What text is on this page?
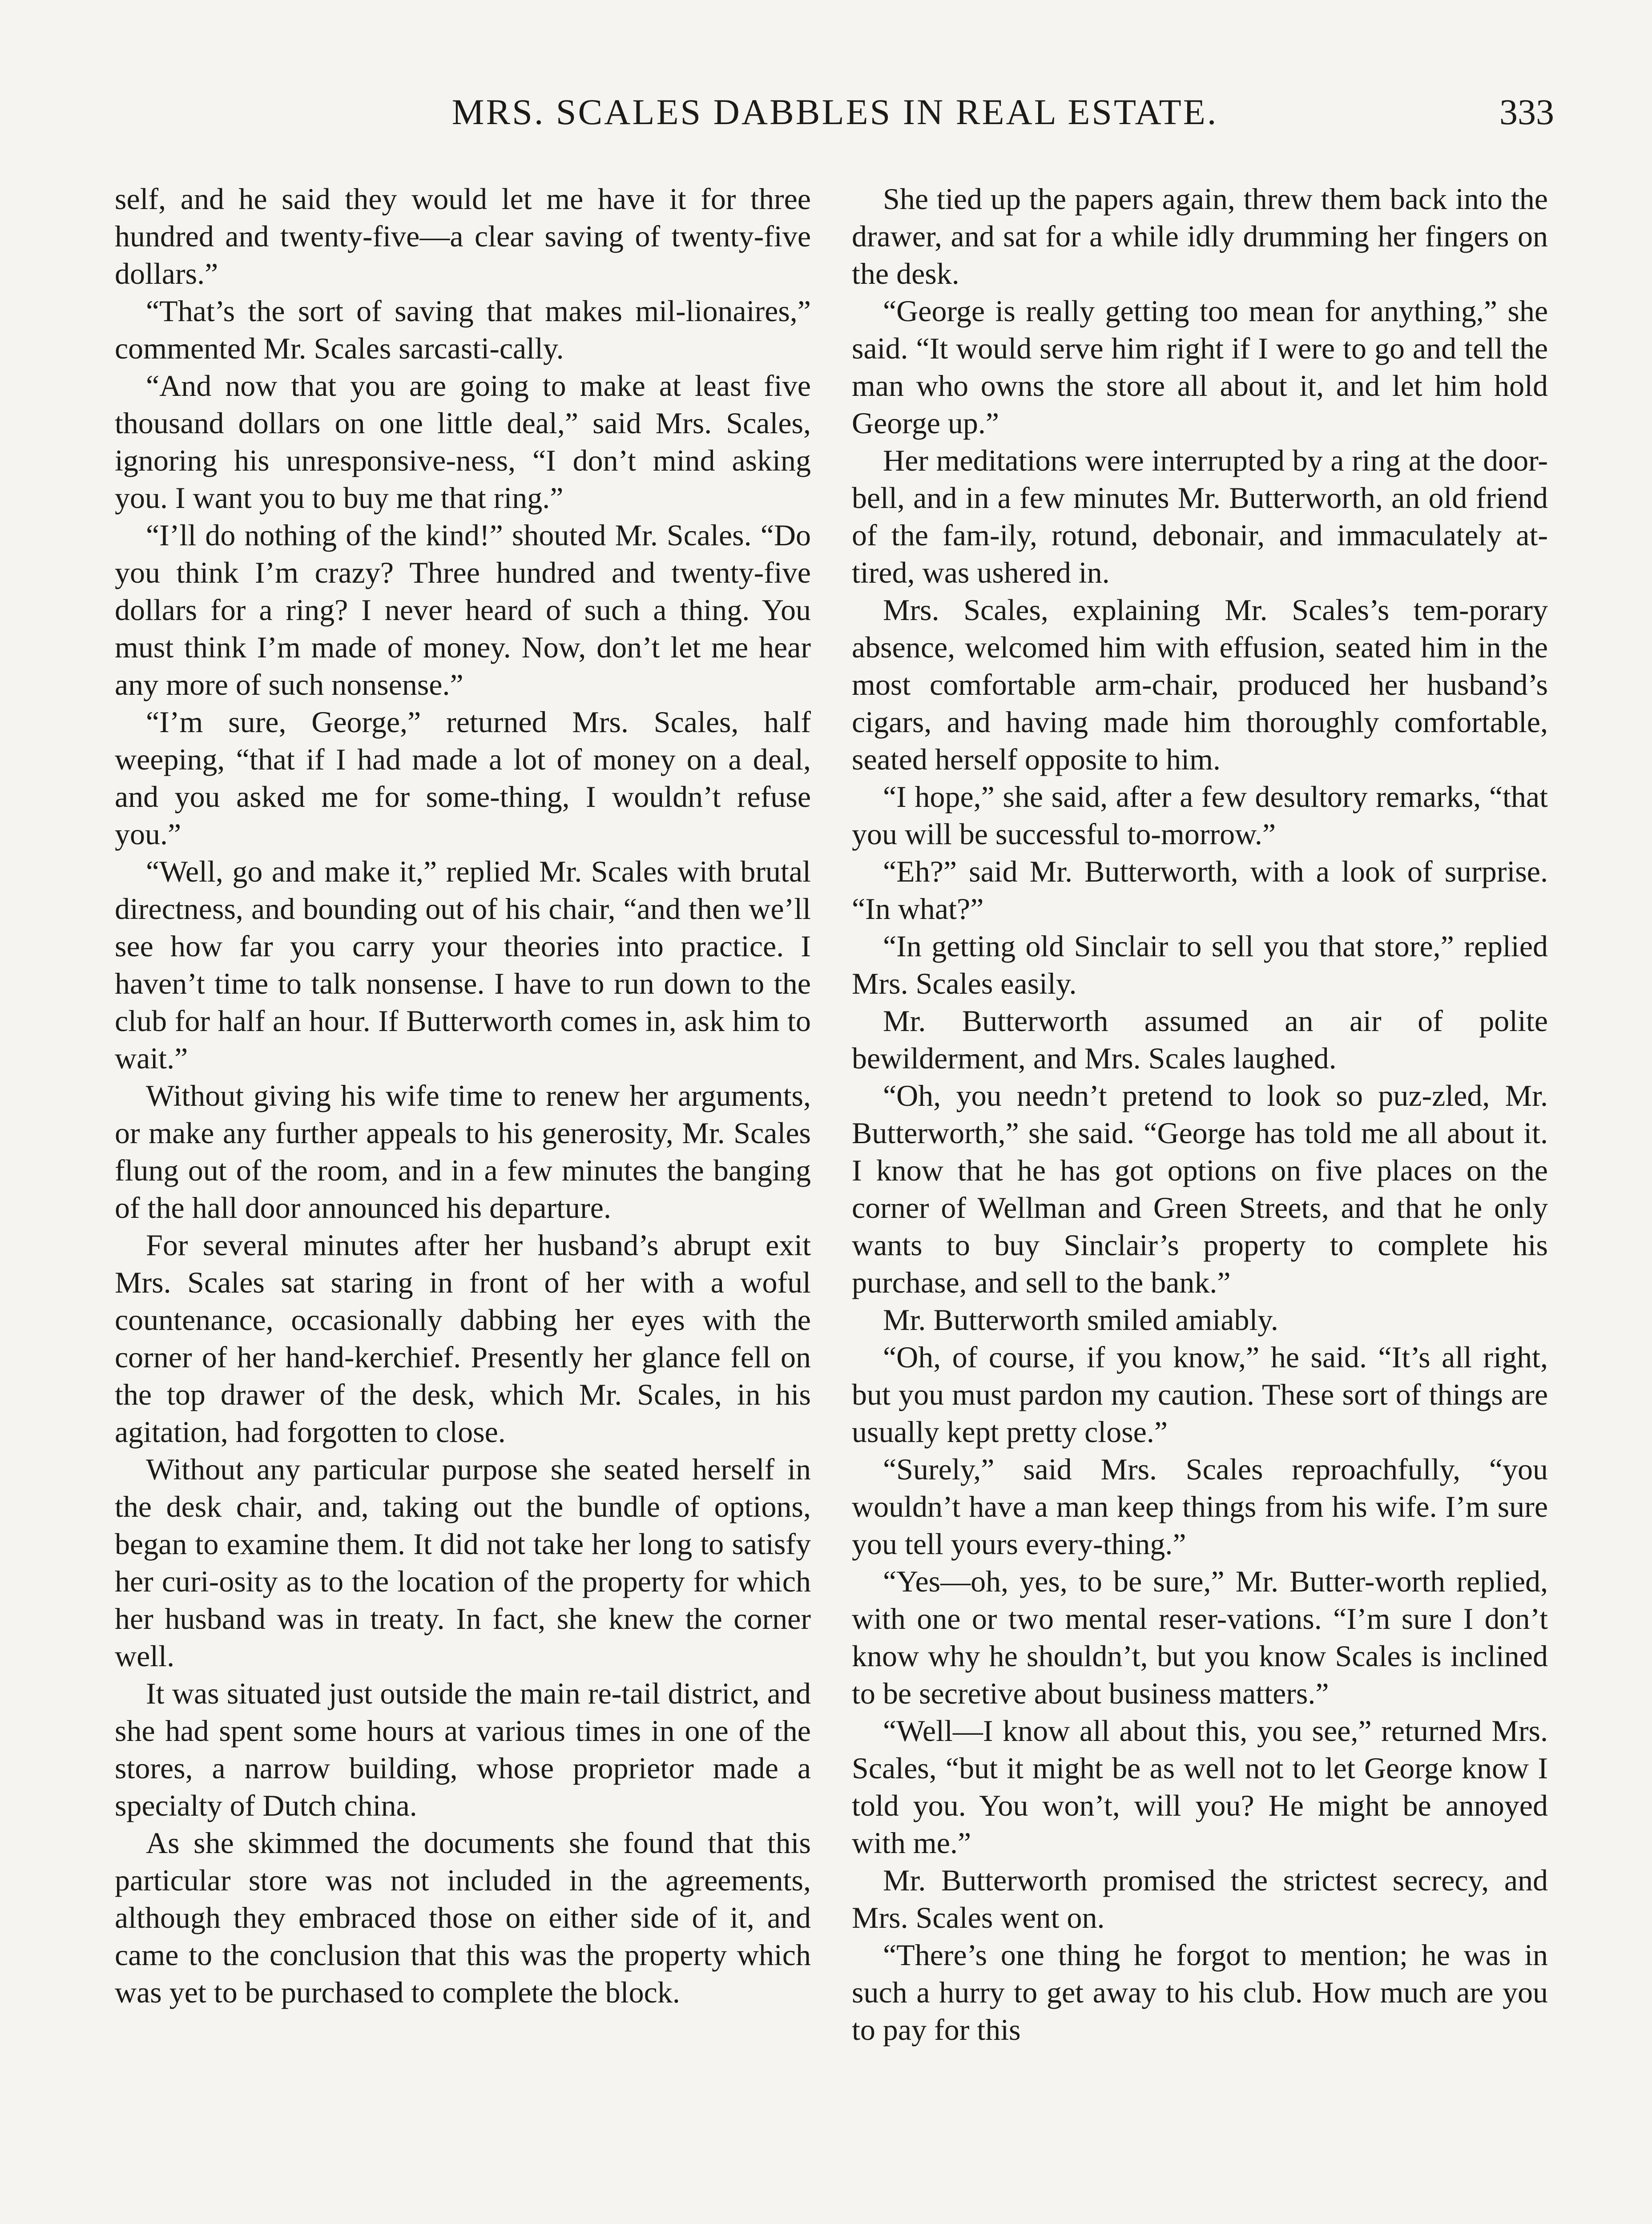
MRS. SCALES DABBLES IN REAL ESTATE.	333

self, and he said they would let me have it for three hundred and twenty-five—a clear saving of twenty-five dollars.”

“That’s the sort of saving that makes mil-lionaires,” commented Mr. Scales sarcasti-cally.

“And now that you are going to make at least five thousand dollars on one little deal,” said Mrs. Scales, ignoring his unresponsive-ness, “I don’t mind asking you. I want you to buy me that ring.”

“I’ll do nothing of the kind!” shouted Mr. Scales. “Do you think I’m crazy? Three hundred and twenty-five dollars for a ring? I never heard of such a thing. You must think I’m made of money. Now, don’t let me hear any more of such nonsense.”

“I’m sure, George,” returned Mrs. Scales, half weeping, “that if I had made a lot of money on a deal, and you asked me for some-thing, I wouldn’t refuse you.”

“Well, go and make it,” replied Mr. Scales with brutal directness, and bounding out of his chair, “and then we’ll see how far you carry your theories into practice. I haven’t time to talk nonsense. I have to run down to the club for half an hour. If Butterworth comes in, ask him to wait.”

Without giving his wife time to renew her arguments, or make any further appeals to his generosity, Mr. Scales flung out of the room, and in a few minutes the banging of the hall door announced his departure.

For several minutes after her husband’s abrupt exit Mrs. Scales sat staring in front of her with a woful countenance, occasionally dabbing her eyes with the corner of her hand-kerchief. Presently her glance fell on the top drawer of the desk, which Mr. Scales, in his agitation, had forgotten to close.

Without any particular purpose she seated herself in the desk chair, and, taking out the bundle of options, began to examine them. It did not take her long to satisfy her curi-osity as to the location of the property for which her husband was in treaty. In fact, she knew the corner well.

It was situated just outside the main re-tail district, and she had spent some hours at various times in one of the stores, a narrow building, whose proprietor made a specialty of Dutch china.

As she skimmed the documents she found that this particular store was not included in the agreements, although they embraced those on either side of it, and came to the conclusion that this was the property which was yet to be purchased to complete the block.

She tied up the papers again, threw them back into the drawer, and sat for a while idly drumming her fingers on the desk.

“George is really getting too mean for anything,” she said. “It would serve him right if I were to go and tell the man who owns the store all about it, and let him hold George up.”

Her meditations were interrupted by a ring at the door-bell, and in a few minutes Mr. Butterworth, an old friend of the fam-ily, rotund, debonair, and immaculately at-tired, was ushered in.

Mrs. Scales, explaining Mr. Scales’s tem-porary absence, welcomed him with effusion, seated him in the most comfortable arm-chair, produced her husband’s cigars, and having made him thoroughly comfortable, seated herself opposite to him.

“I hope,” she said, after a few desultory remarks, “that you will be successful to-morrow.”

“Eh?” said Mr. Butterworth, with a look of surprise. “In what?”

“In getting old Sinclair to sell you that store,” replied Mrs. Scales easily.

Mr. Butterworth assumed an air of polite bewilderment, and Mrs. Scales laughed.

“Oh, you needn’t pretend to look so puz-zled, Mr. Butterworth,” she said. “George has told me all about it. I know that he has got options on five places on the corner of Wellman and Green Streets, and that he only wants to buy Sinclair’s property to complete his purchase, and sell to the bank.”

Mr. Butterworth smiled amiably.

“Oh, of course, if you know,” he said. “It’s all right, but you must pardon my caution. These sort of things are usually kept pretty close.”

“Surely,” said Mrs. Scales reproachfully, “you wouldn’t have a man keep things from his wife. I’m sure you tell yours every-thing.”

“Yes—oh, yes, to be sure,” Mr. Butter-worth replied, with one or two mental reser-vations. “I’m sure I don’t know why he shouldn’t, but you know Scales is inclined to be secretive about business matters.”

“Well—I know all about this, you see,” returned Mrs. Scales, “but it might be as well not to let George know I told you. You won’t, will you? He might be annoyed with me.”

Mr. Butterworth promised the strictest secrecy, and Mrs. Scales went on.

“There’s one thing he forgot to mention; he was in such a hurry to get away to his club. How much are you to pay for this
